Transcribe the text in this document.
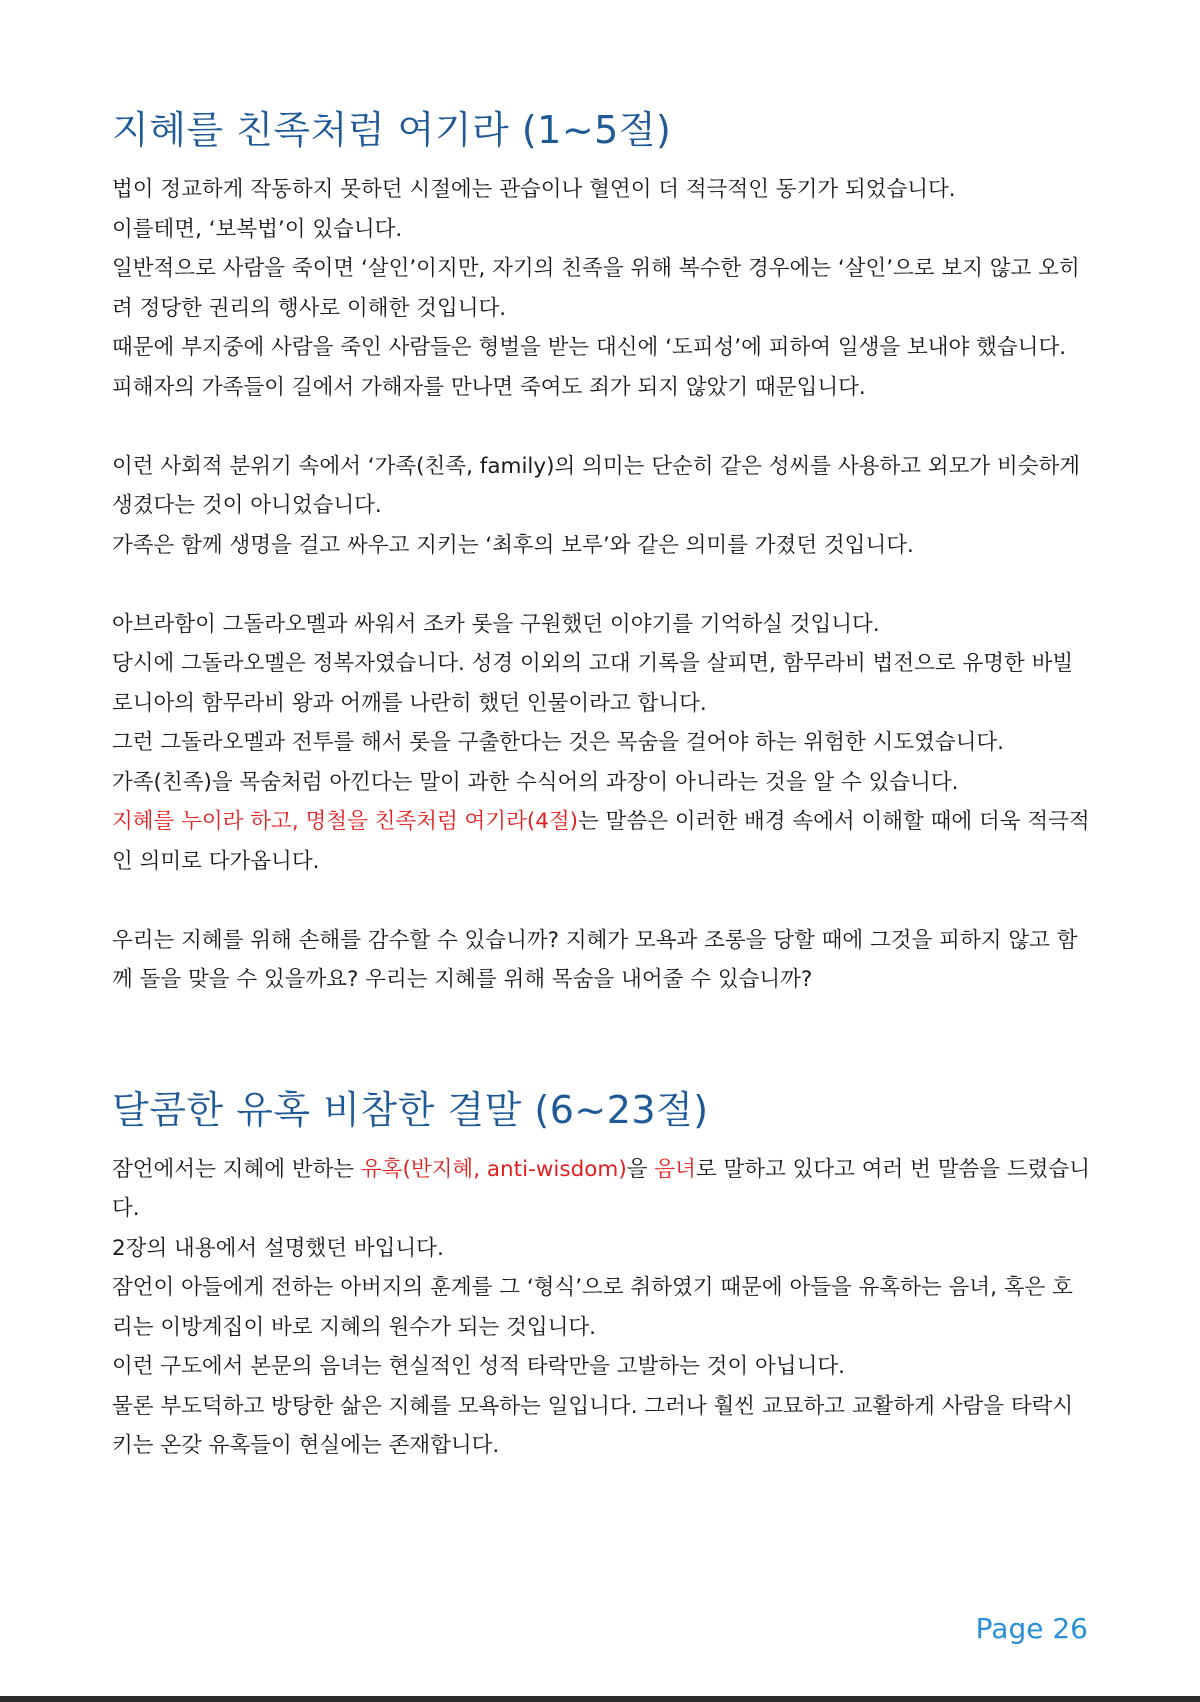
지혜를 친족처럼 여기라 (1~5절)

법이 정교하게 작동하지 못하던 시절에는 관습이나 혈연이 더 적극적인 동기가 되었습니다.

이를테면, ‘보복법’이 있습니다.

일반적으로 사람을 죽이면 ‘살인’이지만, 자기의 친족을 위해 복수한 경우에는 ‘살인’으로 보지 않고 오히려 정당한 권리의 행사로 이해한 것입니다.

때문에 부지중에 사람을 죽인 사람들은 형벌을 받는 대신에 ‘도피성’에 피하여 일생을 보내야 했습니다.

피해자의 가족들이 길에서 가해자를 만나면 죽여도 죄가 되지 않았기 때문입니다.

이런 사회적 분위기 속에서 ‘가족(친족, family)의 의미는 단순히 같은 성씨를 사용하고 외모가 비슷하게 생겼다는 것이 아니었습니다.

가족은 함께 생명을 걸고 싸우고 지키는 ‘최후의 보루’와 같은 의미를 가졌던 것입니다.

아브라함이 그돌라오멜과 싸워서 조카 롯을 구원했던 이야기를 기억하실 것입니다.

당시에 그돌라오멜은 정복자였습니다. 성경 이외의 고대 기록을 살피면, 함무라비 법전으로 유명한 바빌로니아의 함무라비 왕과 어깨를 나란히 했던 인물이라고 합니다.

그런 그돌라오멜과 전투를 해서 롯을 구출한다는 것은 목숨을 걸어야 하는 위험한 시도였습니다.

가족(친족)을 목숨처럼 아낀다는 말이 과한 수식어의 과장이 아니라는 것을 알 수 있습니다.

지혜를 누이라 하고, 명철을 친족처럼 여기라(4절)는 말씀은 이러한 배경 속에서 이해할 때에 더욱 적극적인 의미로 다가옵니다.

우리는 지혜를 위해 손해를 감수할 수 있습니까? 지혜가 모욕과 조롱을 당할 때에 그것을 피하지 않고 함께 돌을 맞을 수 있을까요? 우리는 지혜를 위해 목숨을 내어줄 수 있습니까?

달콤한 유혹 비참한 결말 (6~23절)

잠언에서는 지혜에 반하는 유혹(반지혜, anti-wisdom)을 음녀로 말하고 있다고 여러 번 말씀을 드렸습니다.

2장의 내용에서 설명했던 바입니다.

잠언이 아들에게 전하는 아버지의 훈계를 그 ‘형식’으로 취하였기 때문에 아들을 유혹하는 음녀, 혹은 호리는 이방계집이 바로 지혜의 원수가 되는 것입니다.

이런 구도에서 본문의 음녀는 현실적인 성적 타락만을 고발하는 것이 아닙니다.

물론 부도덕하고 방탕한 삶은 지혜를 모욕하는 일입니다. 그러나 훨씬 교묘하고 교활하게 사람을 타락시키는 온갖 유혹들이 현실에는 존재합니다.

Page 26
